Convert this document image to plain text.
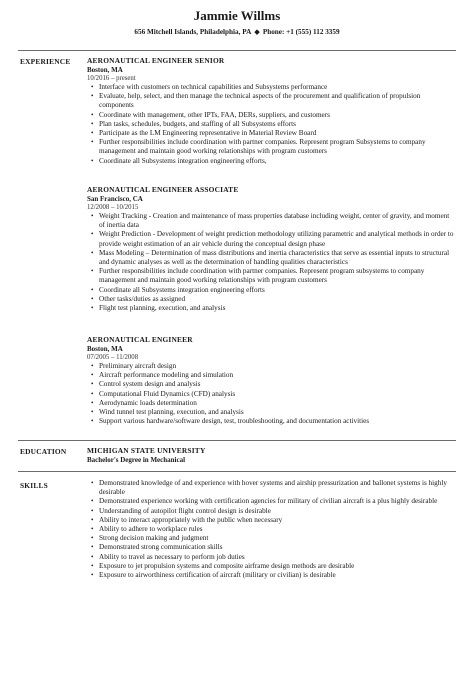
Jammie Willms
656 Mitchell Islands, Philadelphia, PA ◆ Phone: +1 (555) 112 3359
EXPERIENCE AERONAUTICAL ENGINEER SENIOR
Boston, MA
10/2016 – present
• Interface with customers on technical capabilities and Subsystems performance
• Evaluate, help, select, and then manage the technical aspects of the procurement and qualification of propulsion components
• Coordinate with management, other IPTs, FAA, DERs, suppliers, and customers
• Plan tasks, schedules, budgets, and staffing of all Subsystems efforts
• Participate as the LM Engineering representative in Material Review Board
• Further responsibilities include coordination with partner companies. Represent program Subsystems to company management and maintain good working relationships with program customers
• Coordinate all Subsystems integration engineering efforts,
AERONAUTICAL ENGINEER ASSOCIATE
San Francisco, CA
12/2008 – 10/2015
• Weight Tracking - Creation and maintenance of mass properties database including weight, center of gravity, and moment of inertia data
• Weight Prediction - Development of weight prediction methodology utilizing parametric and analytical methods in order to provide weight estimation of an air vehicle during the conceptual design phase
• Mass Modeling – Determination of mass distributions and inertia characteristics that serve as essential inputs to structural and dynamic analyses as well as the determination of handling qualities characteristics
• Further responsibilities include coordination with partner companies. Represent program subsystems to company management and maintain good working relationships with program customers
• Coordinate all Subsystems integration engineering efforts
• Other tasks/duties as assigned
• Flight test planning, execution, and analysis
AERONAUTICAL ENGINEER
Boston, MA
07/2005 – 11/2008
• Preliminary aircraft design
• Aircraft performance modeling and simulation
• Control system design and analysis
• Computational Fluid Dynamics (CFD) analysis
• Aerodynamic loads determination
• Wind tunnel test planning, execution, and analysis
• Support various hardware/software design, test, troubleshooting, and documentation activities
EDUCATION	MICHIGAN STATE UNIVERSITY
Bachelor's Degree in Mechanical
SKILLS
•	Demonstrated knowledge of and experience with hover systems and airship pressurization and ballonet systems is highly desirable
• Demonstrated experience working with certification agencies for military of civilian aircraft is a plus highly desirable
• Understanding of autopilot flight control design is desirable
• Ability to interact appropriately with the public when necessary
• Ability to adhere to workplace rules
• Strong decision making and judgment
• Demonstrated strong communication skills
• Ability to travel as necessary to perform job duties
• Exposure to jet propulsion systems and composite airframe design methods are desirable
• Exposure to airworthiness certification of aircraft (military or civilian) is desirable
